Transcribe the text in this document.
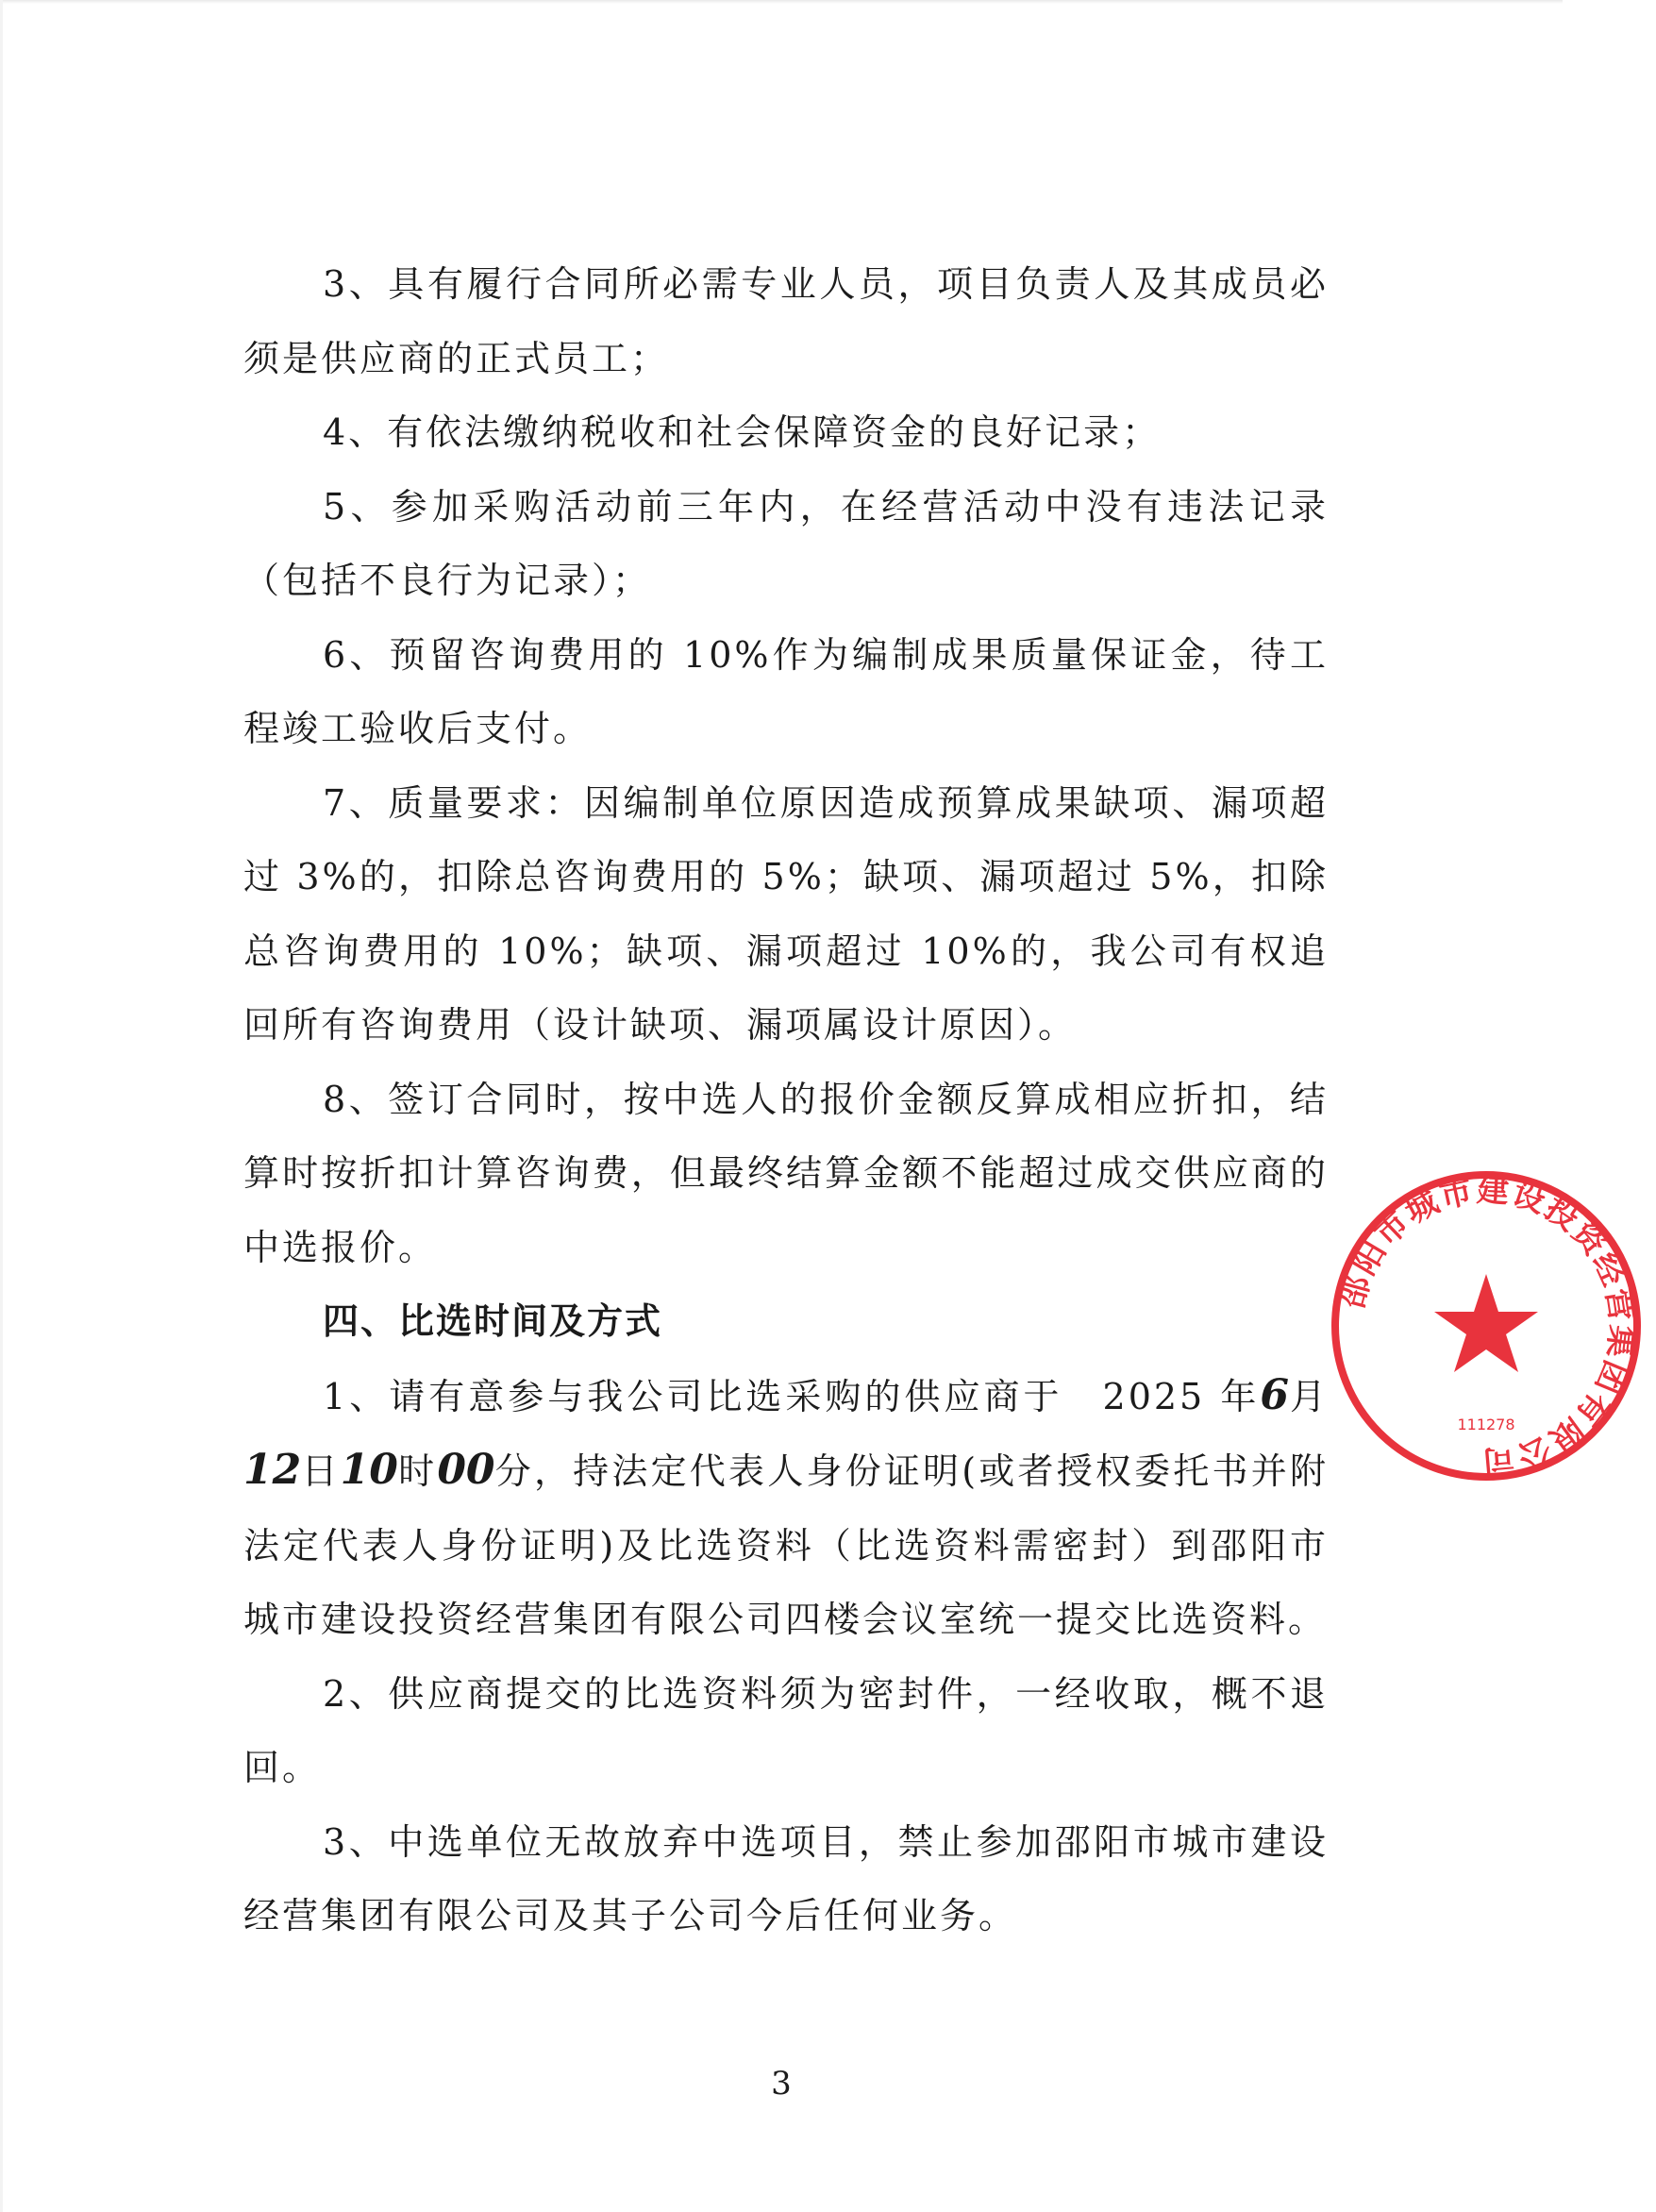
3、具有履行合同所必需专业人员，项目负责人及其成员必须是供应商的正式员工；

4、有依法缴纳税收和社会保障资金的良好记录；

5、参加采购活动前三年内，在经营活动中没有违法记录（包括不良行为记录）；

6、预留咨询费用的 10%作为编制成果质量保证金，待工程竣工验收后支付。

7、质量要求：因编制单位原因造成预算成果缺项、漏项超过 3%的，扣除总咨询费用的 5%；缺项、漏项超过 5%，扣除总咨询费用的 10%；缺项、漏项超过 10%的，我公司有权追回所有咨询费用（设计缺项、漏项属设计原因）。

8、签订合同时，按中选人的报价金额反算成相应折扣，结算时按折扣计算咨询费，但最终结算金额不能超过成交供应商的中选报价。

四、比选时间及方式

1、请有意参与我公司比选采购的供应商于　2025 年6月12日10时00分，持法定代表人身份证明(或者授权委托书并附法定代表人身份证明)及比选资料（比选资料需密封）到邵阳市城市建设投资经营集团有限公司四楼会议室统一提交比选资料。

2、供应商提交的比选资料须为密封件，一经收取，概不退回。

3、中选单位无故放弃中选项目，禁止参加邵阳市城市建设经营集团有限公司及其子公司今后任何业务。

3
邵阳市城市建设投资经营集团有限公司
111278
